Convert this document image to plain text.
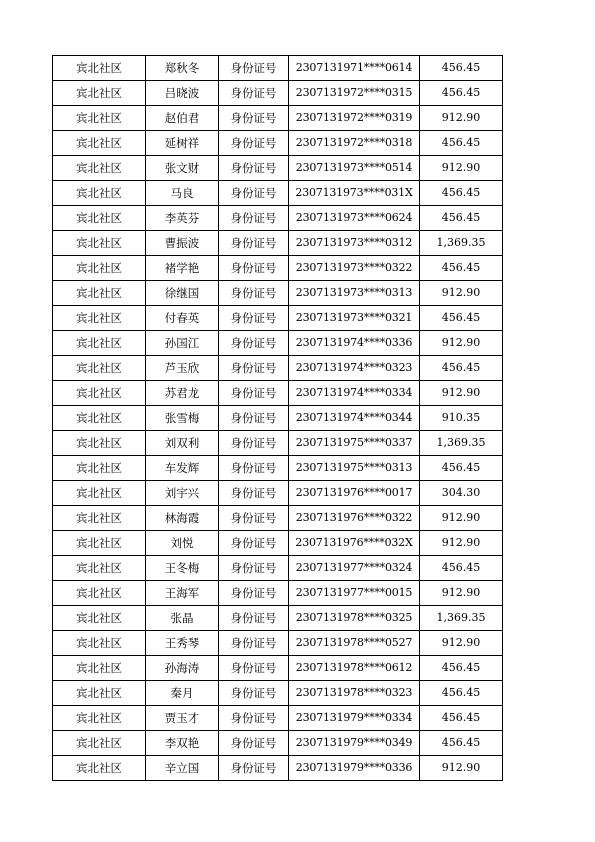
宾北社区	郑秋冬	身份证号	2307131971****0614	456.45
宾北社区	吕晓波	身份证号	2307131972****0315	456.45
宾北社区	赵伯君	身份证号	2307131972****0319	912.90
宾北社区	延树祥	身份证号	2307131972****0318	456.45
宾北社区	张文财	身份证号	2307131973****0514	912.90
宾北社区	马良	身份证号	2307131973****031X	456.45
宾北社区	李英芬	身份证号	2307131973****0624	456.45
宾北社区	曹振波	身份证号	2307131973****0312	1,369.35
宾北社区	褚学艳	身份证号	2307131973****0322	456.45
宾北社区	徐继国	身份证号	2307131973****0313	912.90
宾北社区	付春英	身份证号	2307131973****0321	456.45
宾北社区	孙国江	身份证号	2307131974****0336	912.90
宾北社区	芦玉欣	身份证号	2307131974****0323	456.45
宾北社区	苏君龙	身份证号	2307131974****0334	912.90
宾北社区	张雪梅	身份证号	2307131974****0344	910.35
宾北社区	刘双利	身份证号	2307131975****0337	1,369.35
宾北社区	车发辉	身份证号	2307131975****0313	456.45
宾北社区	刘宇兴	身份证号	2307131976****0017	304.30
宾北社区	林海霞	身份证号	2307131976****0322	912.90
宾北社区	刘悦	身份证号	2307131976****032X	912.90
宾北社区	王冬梅	身份证号	2307131977****0324	456.45
宾北社区	王海军	身份证号	2307131977****0015	912.90
宾北社区	张晶	身份证号	2307131978****0325	1,369.35
宾北社区	王秀琴	身份证号	2307131978****0527	912.90
宾北社区	孙海涛	身份证号	2307131978****0612	456.45
宾北社区	秦月	身份证号	2307131978****0323	456.45
宾北社区	贾玉才	身份证号	2307131979****0334	456.45
宾北社区	李双艳	身份证号	2307131979****0349	456.45
宾北社区	辛立国	身份证号	2307131979****0336	912.90
